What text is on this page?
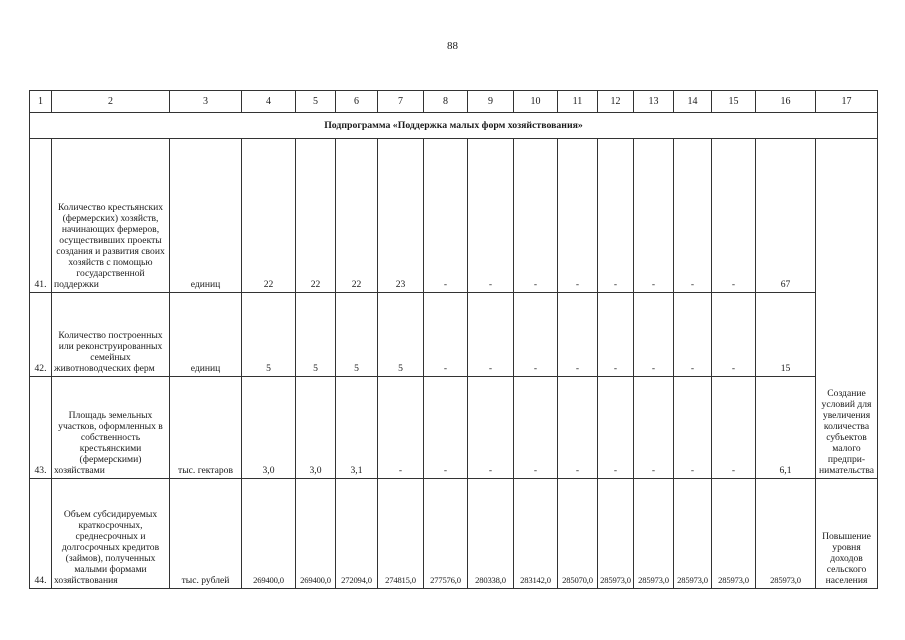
88
1	2	3	4	5	6	7	8	9	10	11	12	13	14	15	16	17
Подпрограмма «Поддержка малых форм хозяйствования»																
41.	Количество крестьянских (фермерских) хозяйств, начинающих фермеров, осуществивших проекты создания и развития своих хозяйств с помощью государственной поддержки	единиц	22	22	22	23	-	-	-	-	-	-	-	-	67	Создание условий для увеличения количества субъектов малого предпри-нимательства
42.	Количество построенных или реконструированных семейных животноводческих ферм	единиц	5	5	5	5	-	-	-	-	-	-	-	-	15	
43.	Площадь земельных участков, оформленных в собственность крестьянскими (фермерскими) хозяйствами	тыс. гектаров	3,0	3,0	3,1	-	-	-	-	-	-	-	-	-	6,1	
44.	Объем субсидируемых краткосрочных, среднесрочных и долгосрочных кредитов (займов), полученных малыми формами хозяйствования	тыс. рублей	269400,0	269400,0	272094,0	274815,0	277576,0	280338,0	283142,0	285070,0	285973,0	285973,0	285973,0	285973,0	285973,0	Повышение уровня доходов сельского населения
